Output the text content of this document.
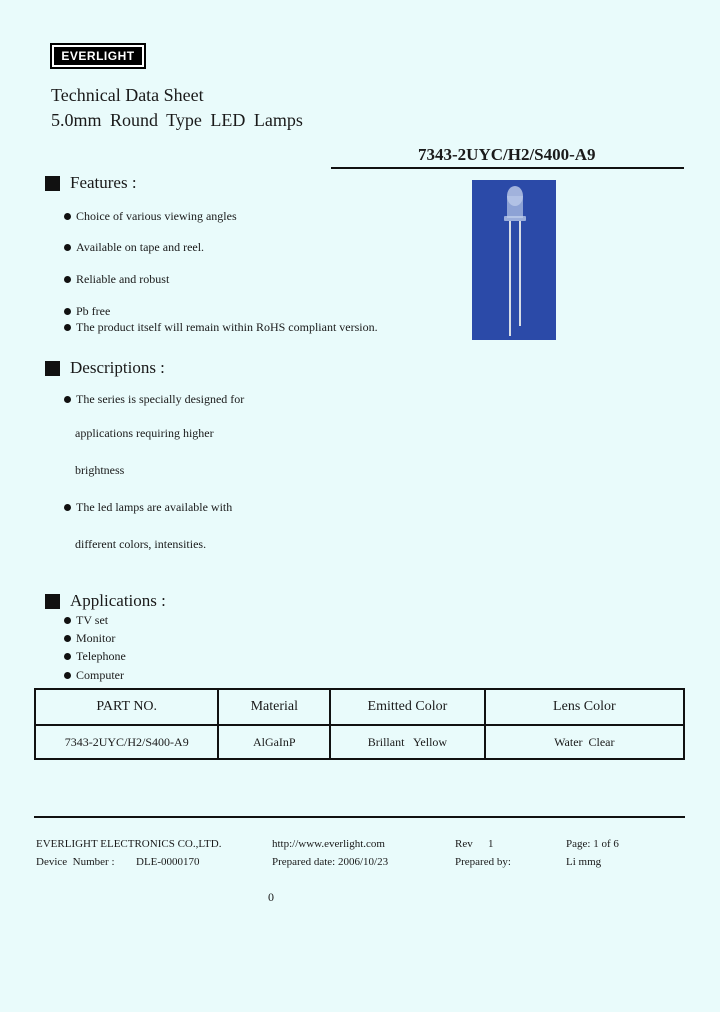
EVERLIGHT
Technical Data Sheet
5.0mm Round Type LED Lamps
7343-2UYC/H2/S400-A9
Features :
Choice of various viewing angles
Available on tape and reel.
Reliable and robust
Pb free
The product itself will remain within RoHS compliant version.
Descriptions :
The series is specially designed for
applications requiring higher
brightness
The led lamps are available with
different colors, intensities.
Applications :
TV set
Monitor
Telephone
Computer
PART NO.	Material	Emitted Color	Lens Color
7343-2UYC/H2/S400-A9	AlGaInP	Brillant   Yellow	Water  Clear
EVERLIGHT ELECTRONICS CO.,LTD.	http://www.everlight.com	Rev 1	Page: 1 of 6
Device  Number : DLE-0000170	Prepared date: 2006/10/23	Prepared by:	Li mmg
0
